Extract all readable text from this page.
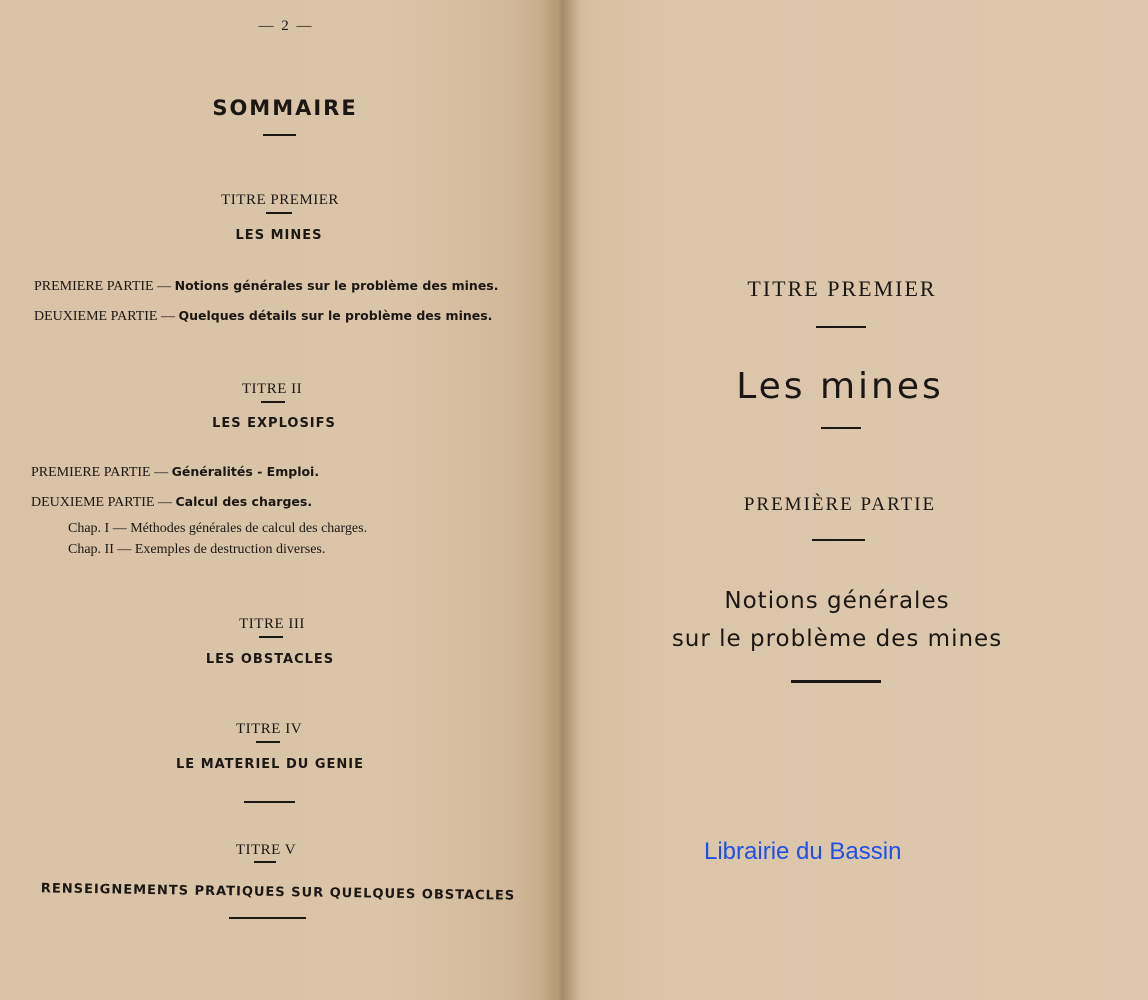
— 2 —
SOMMAIRE
TITRE PREMIER
LES MINES
PREMIERE PARTIE — Notions générales sur le problème des mines.
DEUXIEME PARTIE — Quelques détails sur le problème des mines.
TITRE II
LES EXPLOSIFS
PREMIERE PARTIE — Généralités - Emploi.
DEUXIEME PARTIE — Calcul des charges.
Chap. I — Méthodes générales de calcul des charges.
Chap. II — Exemples de destruction diverses.
TITRE III
LES OBSTACLES
TITRE IV
LE MATERIEL DU GENIE
TITRE V
RENSEIGNEMENTS PRATIQUES SUR QUELQUES OBSTACLES
TITRE PREMIER
Les mines
PREMIÈRE PARTIE
Notions générales
sur le problème des mines
Librairie du Bassin
